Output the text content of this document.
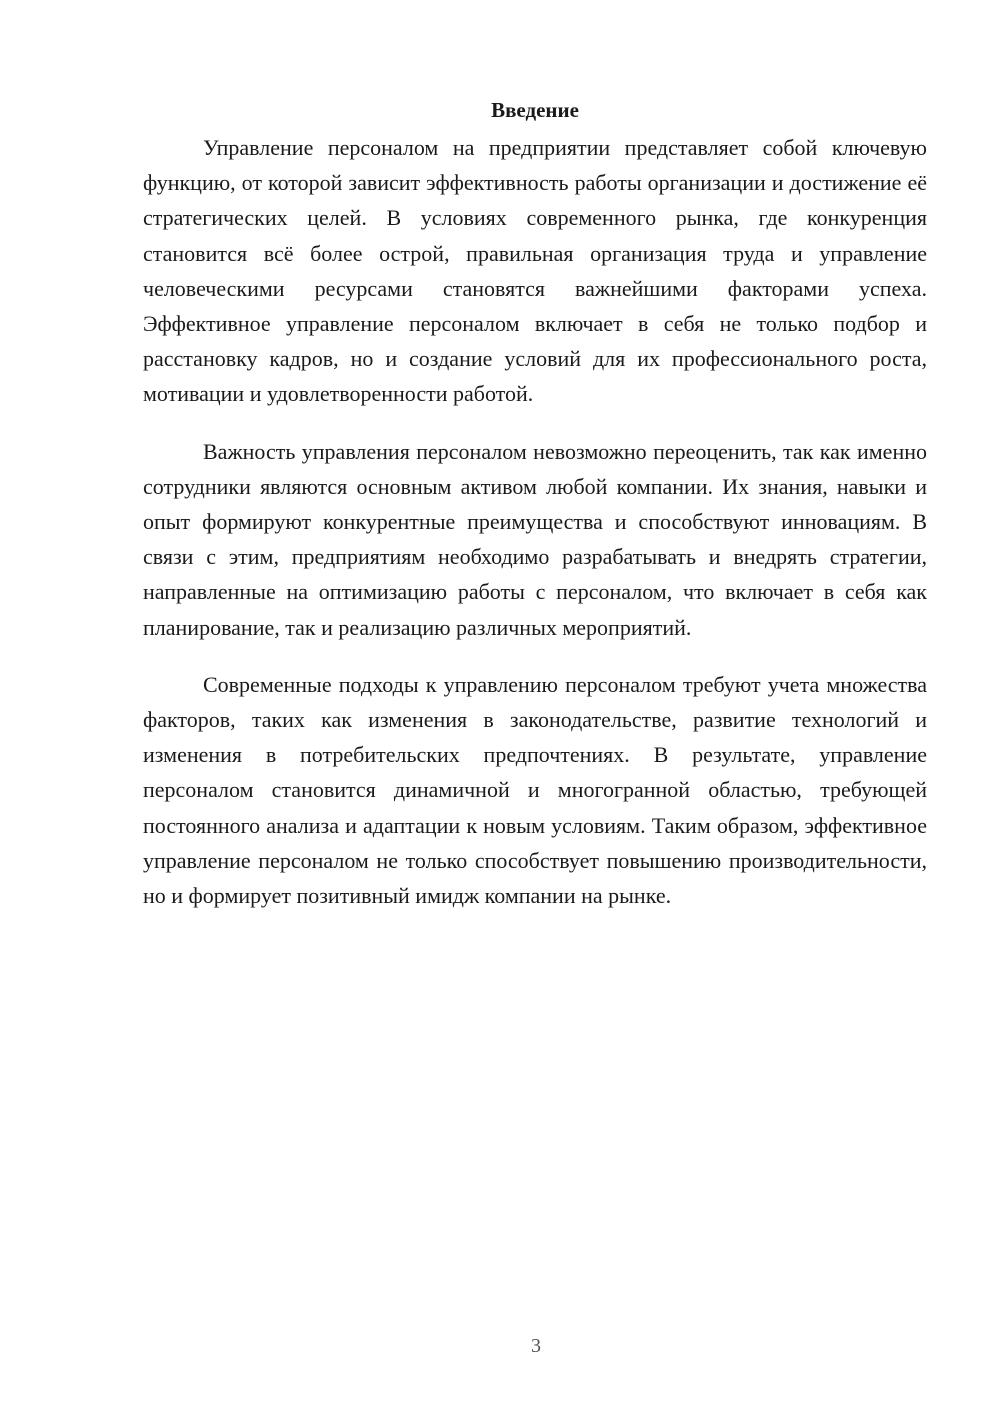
Введение

Управление персоналом на предприятии представляет собой ключевую функцию, от которой зависит эффективность работы организации и достижение её стратегических целей. В условиях современного рынка, где конкуренция становится всё более острой, правильная организация труда и управление человеческими ресурсами становятся важнейшими факторами успеха. Эффективное управление персоналом включает в себя не только подбор и расстановку кадров, но и создание условий для их профессионального роста, мотивации и удовлетворенности работой.

Важность управления персоналом невозможно переоценить, так как именно сотрудники являются основным активом любой компании. Их знания, навыки и опыт формируют конкурентные преимущества и способствуют инновациям. В связи с этим, предприятиям необходимо разрабатывать и внедрять стратегии, направленные на оптимизацию работы с персоналом, что включает в себя как планирование, так и реализацию различных мероприятий.

Современные подходы к управлению персоналом требуют учета множества факторов, таких как изменения в законодательстве, развитие технологий и изменения в потребительских предпочтениях. В результате, управление персоналом становится динамичной и многогранной областью, требующей постоянного анализа и адаптации к новым условиям. Таким образом, эффективное управление персоналом не только способствует повышению производительности, но и формирует позитивный имидж компании на рынке.

3
